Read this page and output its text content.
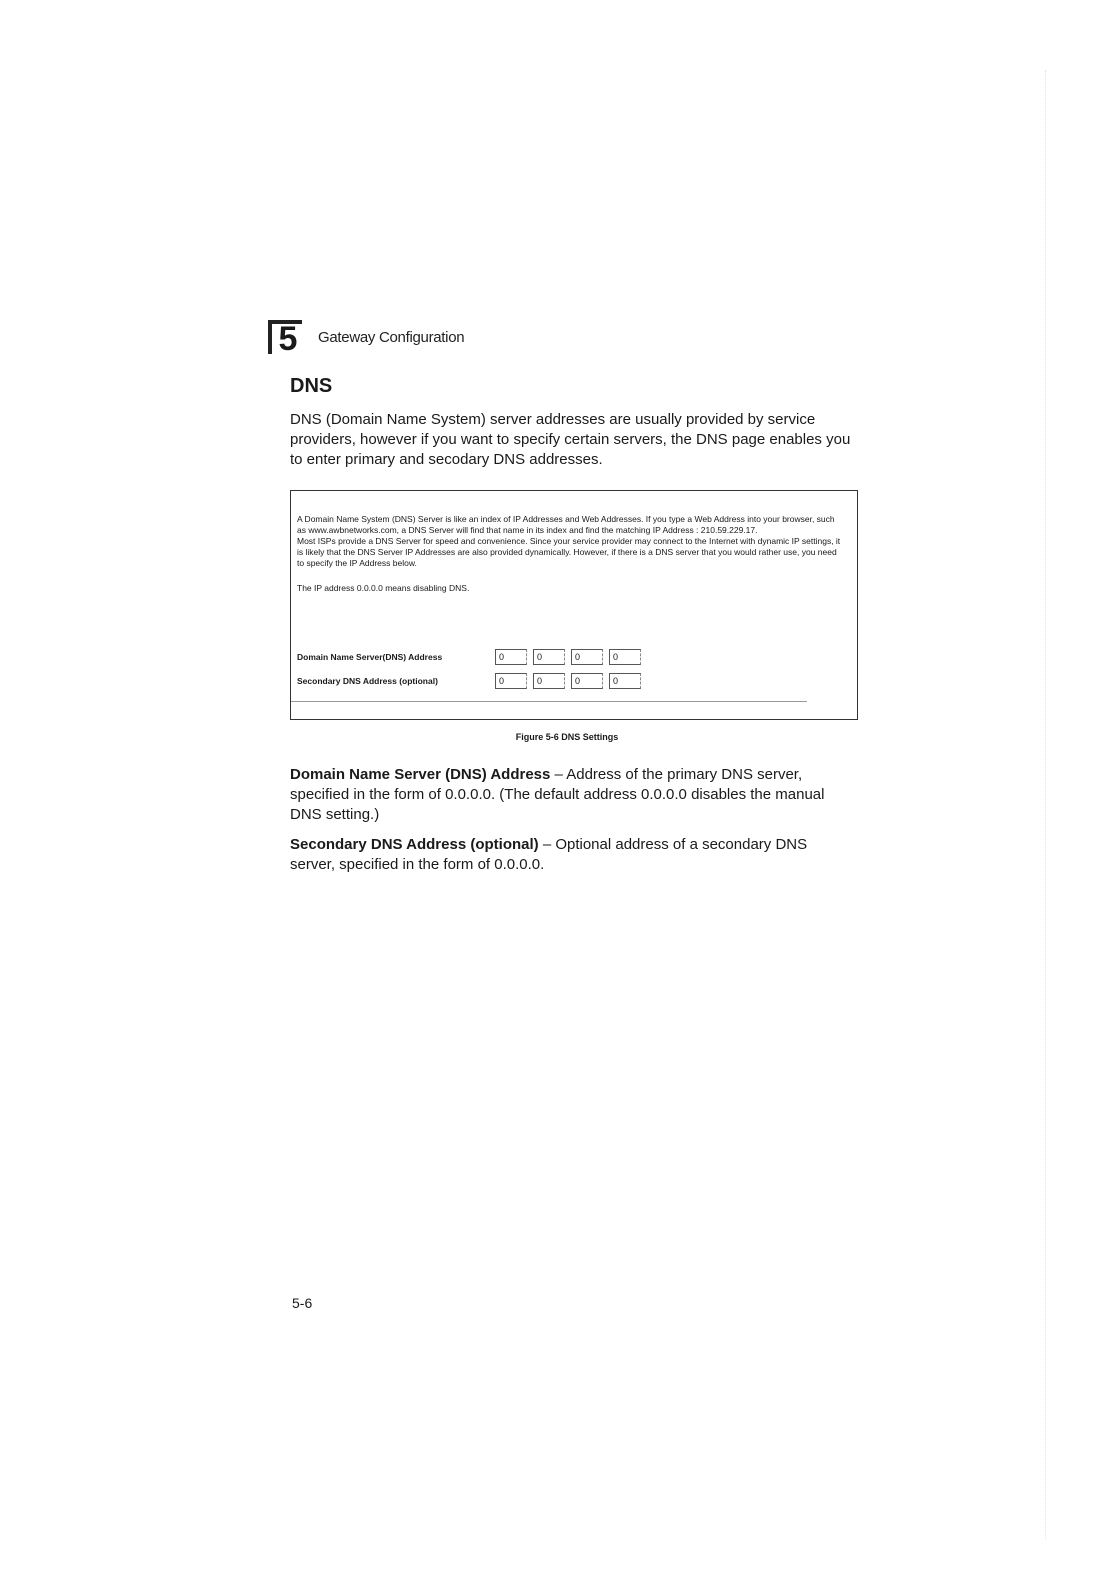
5	Gateway Configuration
DNS
DNS (Domain Name System) server addresses are usually provided by service providers, however if you want to specify certain servers, the DNS page enables you to enter primary and secodary DNS addresses.

A Domain Name System (DNS) Server is like an index of IP Addresses and Web Addresses. If you type a Web Address into your browser, such as www.awbnetworks.com, a DNS Server will find that name in its index and find the matching IP Address : 210.59.229.17.

Most ISPs provide a DNS Server for speed and convenience. Since your service provider may connect to the Internet with dynamic IP settings, it is likely that the DNS Server IP Addresses are also provided dynamically. However, if there is a DNS server that you would rather use, you need to specify the IP Address below.

The IP address 0.0.0.0 means disabling DNS.

Domain Name Server(DNS) Address	0	0	0	0
Secondary DNS Address (optional)	0	0	0	0
Figure 5-6 DNS Settings
Domain Name Server (DNS) Address – Address of the primary DNS server, specified in the form of 0.0.0.0. (The default address 0.0.0.0 disables the manual DNS setting.)
Secondary DNS Address (optional) – Optional address of a secondary DNS server, specified in the form of 0.0.0.0.
5-6
